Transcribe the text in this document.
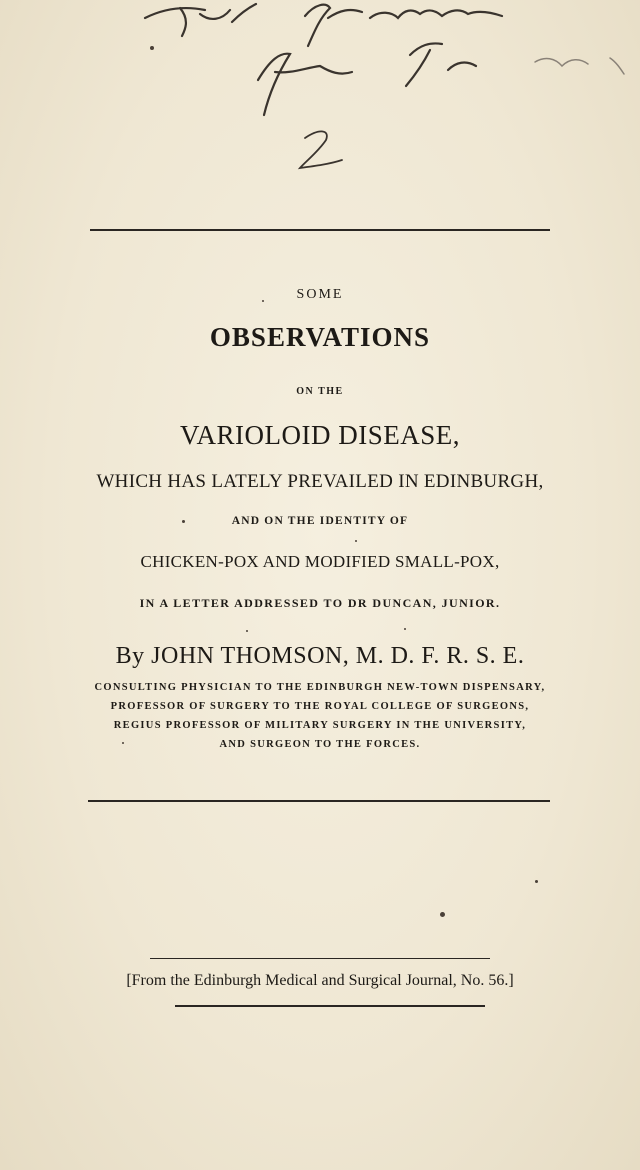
SOME
OBSERVATIONS
ON THE
VARIOLOID DISEASE,
WHICH HAS LATELY PREVAILED IN EDINBURGH,
AND ON THE IDENTITY OF
CHICKEN-POX AND MODIFIED SMALL-POX,
IN A LETTER ADDRESSED TO DR DUNCAN, JUNIOR.
By JOHN THOMSON, M. D. F. R. S. E.
CONSULTING PHYSICIAN TO THE EDINBURGH NEW-TOWN DISPENSARY,
PROFESSOR OF SURGERY TO THE ROYAL COLLEGE OF SURGEONS,
REGIUS PROFESSOR OF MILITARY SURGERY IN THE UNIVERSITY,
AND SURGEON TO THE FORCES.
[From the Edinburgh Medical and Surgical Journal, No. 56.]
